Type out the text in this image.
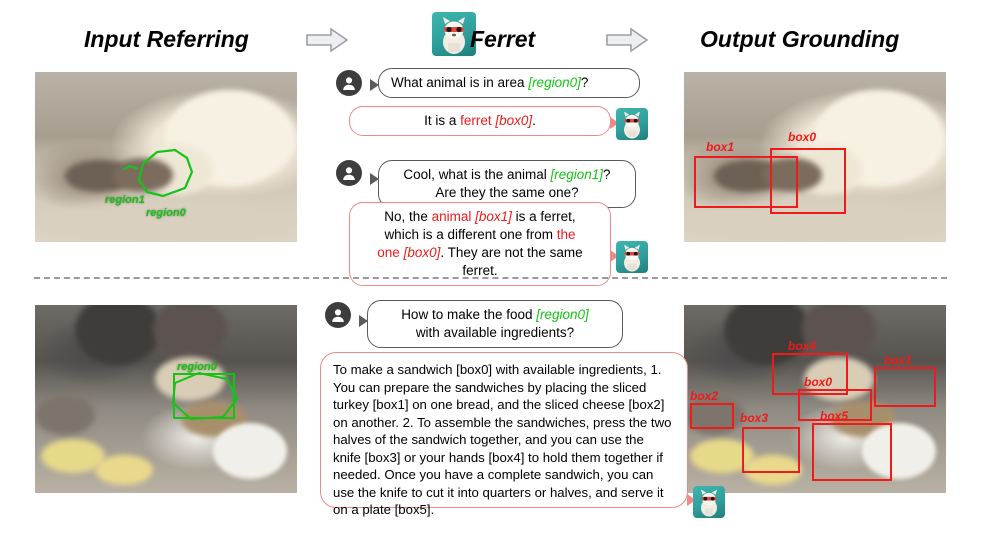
Input Referring	Ferret	Output Grounding
region1
region0
box1
box0
What animal is in area [region0]?
It is a ferret [box0].
Cool, what is the animal [region1]?
Are they the same one?
No, the animal [box1] is a ferret,
which is a different one from the
one [box0]. They are not the same
ferret.
region0
box4
box1
box0
box2
box3	box5
How to make the food [region0]
with available ingredients?
To make a sandwich [box0] with available ingredients, 1. You can prepare the sandwiches by placing the sliced turkey [box1] on one bread, and the sliced cheese [box2] on another. 2. To assemble the sandwiches, press the two halves of the sandwich together, and you can use the knife [box3] or your hands [box4] to hold them together if needed. Once you have a complete sandwich, you can use the knife to cut it into quarters or halves, and serve it on a plate [box5].
